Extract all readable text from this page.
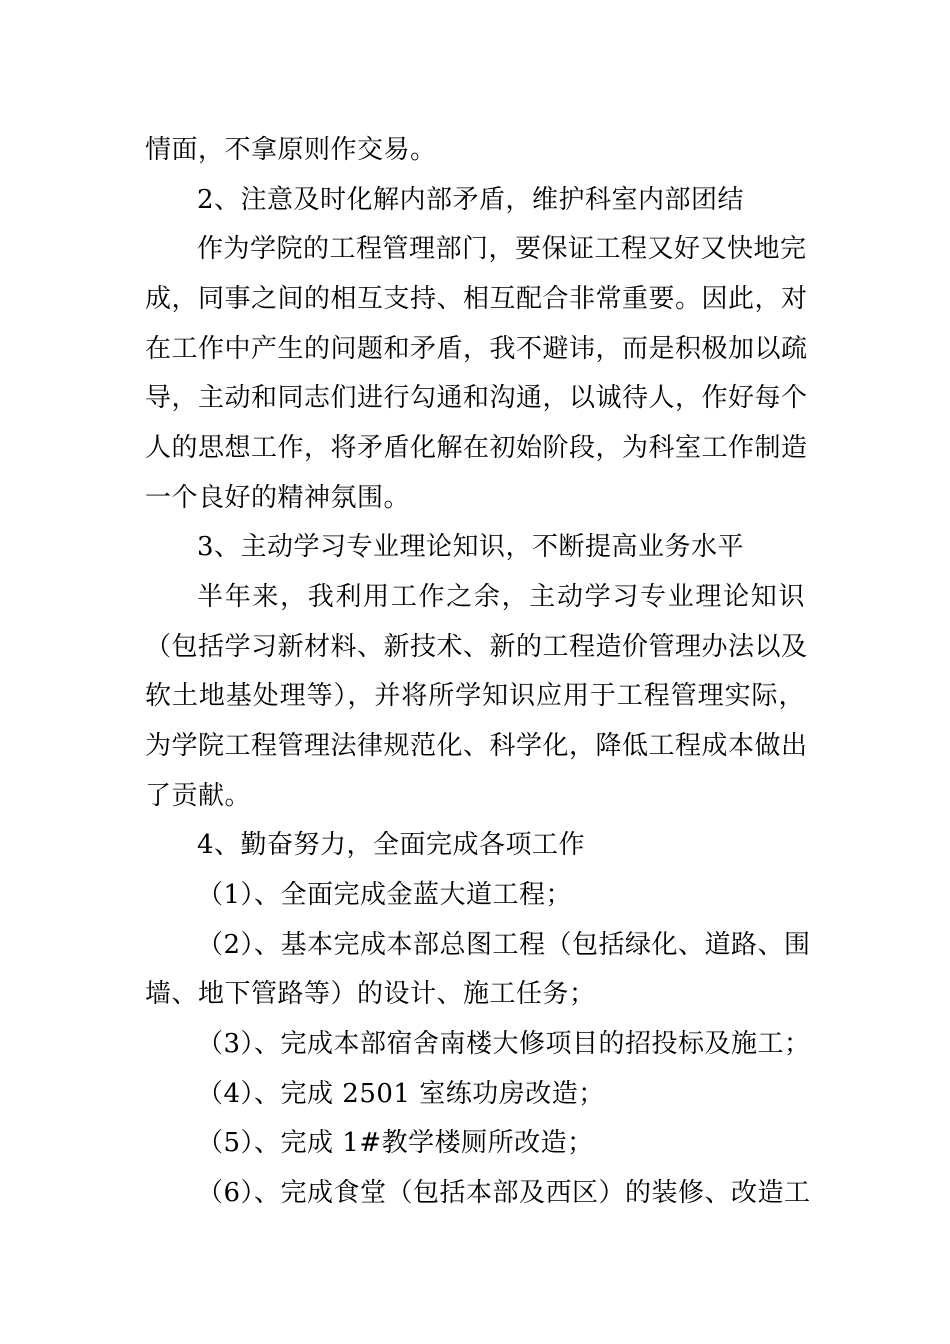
情面，不拿原则作交易。
2、注意及时化解内部矛盾，维护科室内部团结
作为学院的工程管理部门，要保证工程又好又快地完
成，同事之间的相互支持、相互配合非常重要。因此，对
在工作中产生的问题和矛盾，我不避讳，而是积极加以疏
导，主动和同志们进行勾通和沟通，以诚待人，作好每个
人的思想工作，将矛盾化解在初始阶段，为科室工作制造
一个良好的精神氛围。
3、主动学习专业理论知识，不断提高业务水平
半年来，我利用工作之余，主动学习专业理论知识
（包括学习新材料、新技术、新的工程造价管理办法以及
软土地基处理等），并将所学知识应用于工程管理实际，
为学院工程管理法律规范化、科学化，降低工程成本做出
了贡献。
4、勤奋努力，全面完成各项工作
（1）、全面完成金蓝大道工程；
（2）、基本完成本部总图工程（包括绿化、道路、围
墙、地下管路等）的设计、施工任务；
（3）、完成本部宿舍南楼大修项目的招投标及施工；
（4）、完成 2501 室练功房改造；
（5）、完成 1#教学楼厕所改造；
（6）、完成食堂（包括本部及西区）的装修、改造工
